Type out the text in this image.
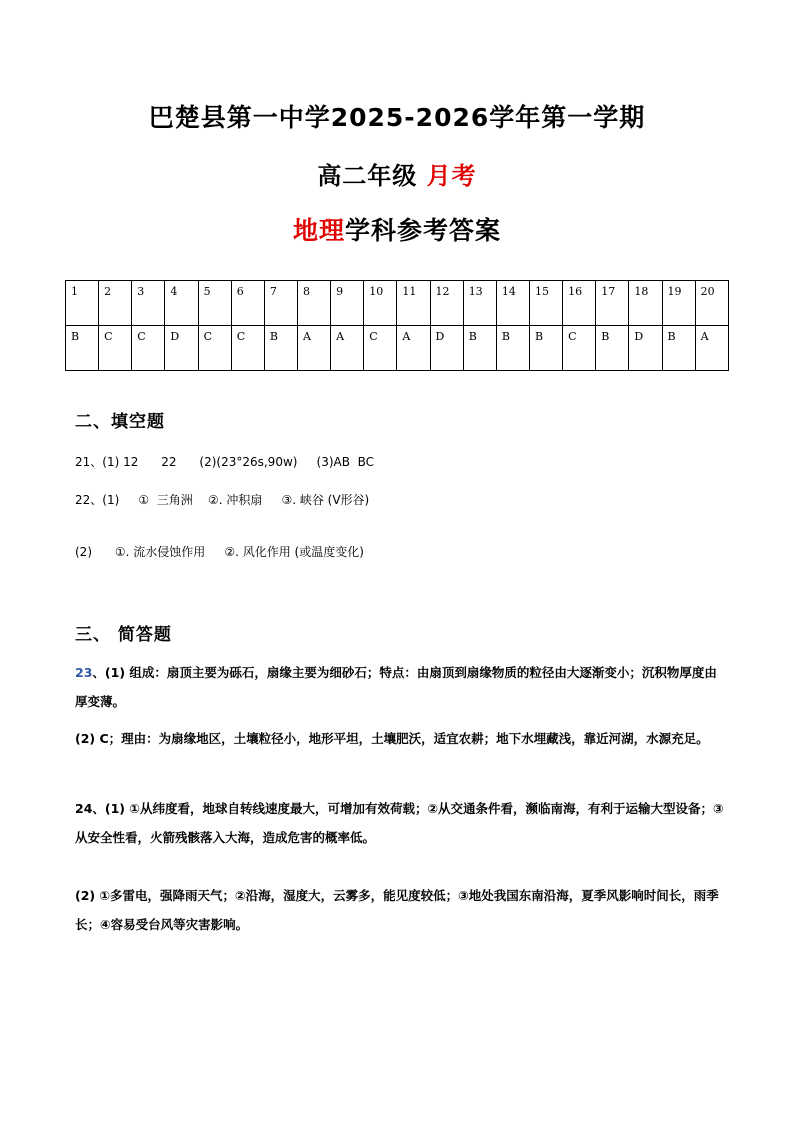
巴楚县第一中学2025-2026学年第一学期
高二年级 月考
地理学科参考答案
1	2	3	4	5	6	7	8	9	10	11	12	13	14	15	16	17	18	19	20
B	C	C	D	C	C	B	A	A	C	A	D	B	B	B	C	B	D	B	A
二、填空题
21、(1) 12      22      (2)(23°26s,90w)     (3)AB  BC
22、(1)     ①  三角洲    ②. 冲积扇     ③. 峡谷 (V形谷)
(2)      ①. 流水侵蚀作用     ②. 风化作用 (或温度变化)
三、 简答题
23、(1) 组成：扇顶主要为砾石，扇缘主要为细砂石；特点：由扇顶到扇缘物质的粒径由大逐渐变小；沉积物厚度由厚变薄。
(2) C；理由：为扇缘地区，土壤粒径小，地形平坦，土壤肥沃，适宜农耕；地下水埋藏浅，靠近河湖，水源充足。
24、(1) ①从纬度看，地球自转线速度最大，可增加有效荷载；②从交通条件看，濒临南海，有利于运输大型设备；③从安全性看，火箭残骸落入大海，造成危害的概率低。
(2) ①多雷电，强降雨天气；②沿海，湿度大，云雾多，能见度较低；③地处我国东南沿海，夏季风影响时间长，雨季长；④容易受台风等灾害影响。
